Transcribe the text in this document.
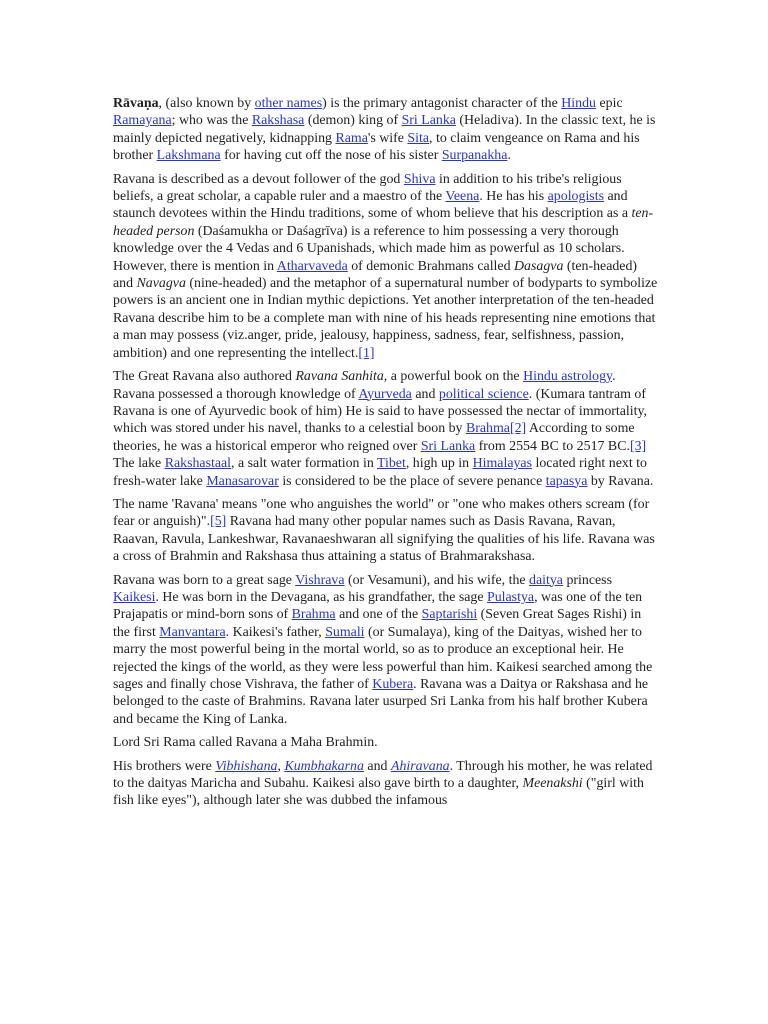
Rāvaṇa, (also known by other names) is the primary antagonist character of the Hindu epic Ramayana; who was the Rakshasa (demon) king of Sri Lanka (Heladiva). In the classic text, he is mainly depicted negatively, kidnapping Rama's wife Sita, to claim vengeance on Rama and his brother Lakshmana for having cut off the nose of his sister Surpanakha.

Ravana is described as a devout follower of the god Shiva in addition to his tribe's religious beliefs, a great scholar, a capable ruler and a maestro of the Veena. He has his apologists and staunch devotees within the Hindu traditions, some of whom believe that his description as a ten-headed person (Daśamukha or Daśagrīva) is a reference to him possessing a very thorough knowledge over the 4 Vedas and 6 Upanishads, which made him as powerful as 10 scholars. However, there is mention in Atharvaveda of demonic Brahmans called Dasagva (ten-headed) and Navagva (nine-headed) and the metaphor of a supernatural number of bodyparts to symbolize powers is an ancient one in Indian mythic depictions. Yet another interpretation of the ten-headed Ravana describe him to be a complete man with nine of his heads representing nine emotions that a man may possess (viz.anger, pride, jealousy, happiness, sadness, fear, selfishness, passion, ambition) and one representing the intellect.[1]

The Great Ravana also authored Ravana Sanhita, a powerful book on the Hindu astrology. Ravana possessed a thorough knowledge of Ayurveda and political science. (Kumara tantram of Ravana is one of Ayurvedic book of him) He is said to have possessed the nectar of immortality, which was stored under his navel, thanks to a celestial boon by Brahma[2] According to some theories, he was a historical emperor who reigned over Sri Lanka from 2554 BC to 2517 BC.[3] The lake Rakshastaal, a salt water formation in Tibet, high up in Himalayas located right next to fresh-water lake Manasarovar is considered to be the place of severe penance tapasya by Ravana.

The name 'Ravana' means "one who anguishes the world" or "one who makes others scream (for fear or anguish)".[5] Ravana had many other popular names such as Dasis Ravana, Ravan, Raavan, Ravula, Lankeshwar, Ravanaeshwaran all signifying the qualities of his life. Ravana was a cross of Brahmin and Rakshasa thus attaining a status of Brahmarakshasa.

Ravana was born to a great sage Vishrava (or Vesamuni), and his wife, the daitya princess Kaikesi. He was born in the Devagana, as his grandfather, the sage Pulastya, was one of the ten Prajapatis or mind-born sons of Brahma and one of the Saptarishi (Seven Great Sages Rishi) in the first Manvantara. Kaikesi's father, Sumali (or Sumalaya), king of the Daityas, wished her to marry the most powerful being in the mortal world, so as to produce an exceptional heir. He rejected the kings of the world, as they were less powerful than him. Kaikesi searched among the sages and finally chose Vishrava, the father of Kubera. Ravana was a Daitya or Rakshasa and he belonged to the caste of Brahmins. Ravana later usurped Sri Lanka from his half brother Kubera and became the King of Lanka.

Lord Sri Rama called Ravana a Maha Brahmin.

His brothers were Vibhishana, Kumbhakarna and Ahiravana. Through his mother, he was related to the daityas Maricha and Subahu. Kaikesi also gave birth to a daughter, Meenakshi ("girl with fish like eyes"), although later she was dubbed the infamous
